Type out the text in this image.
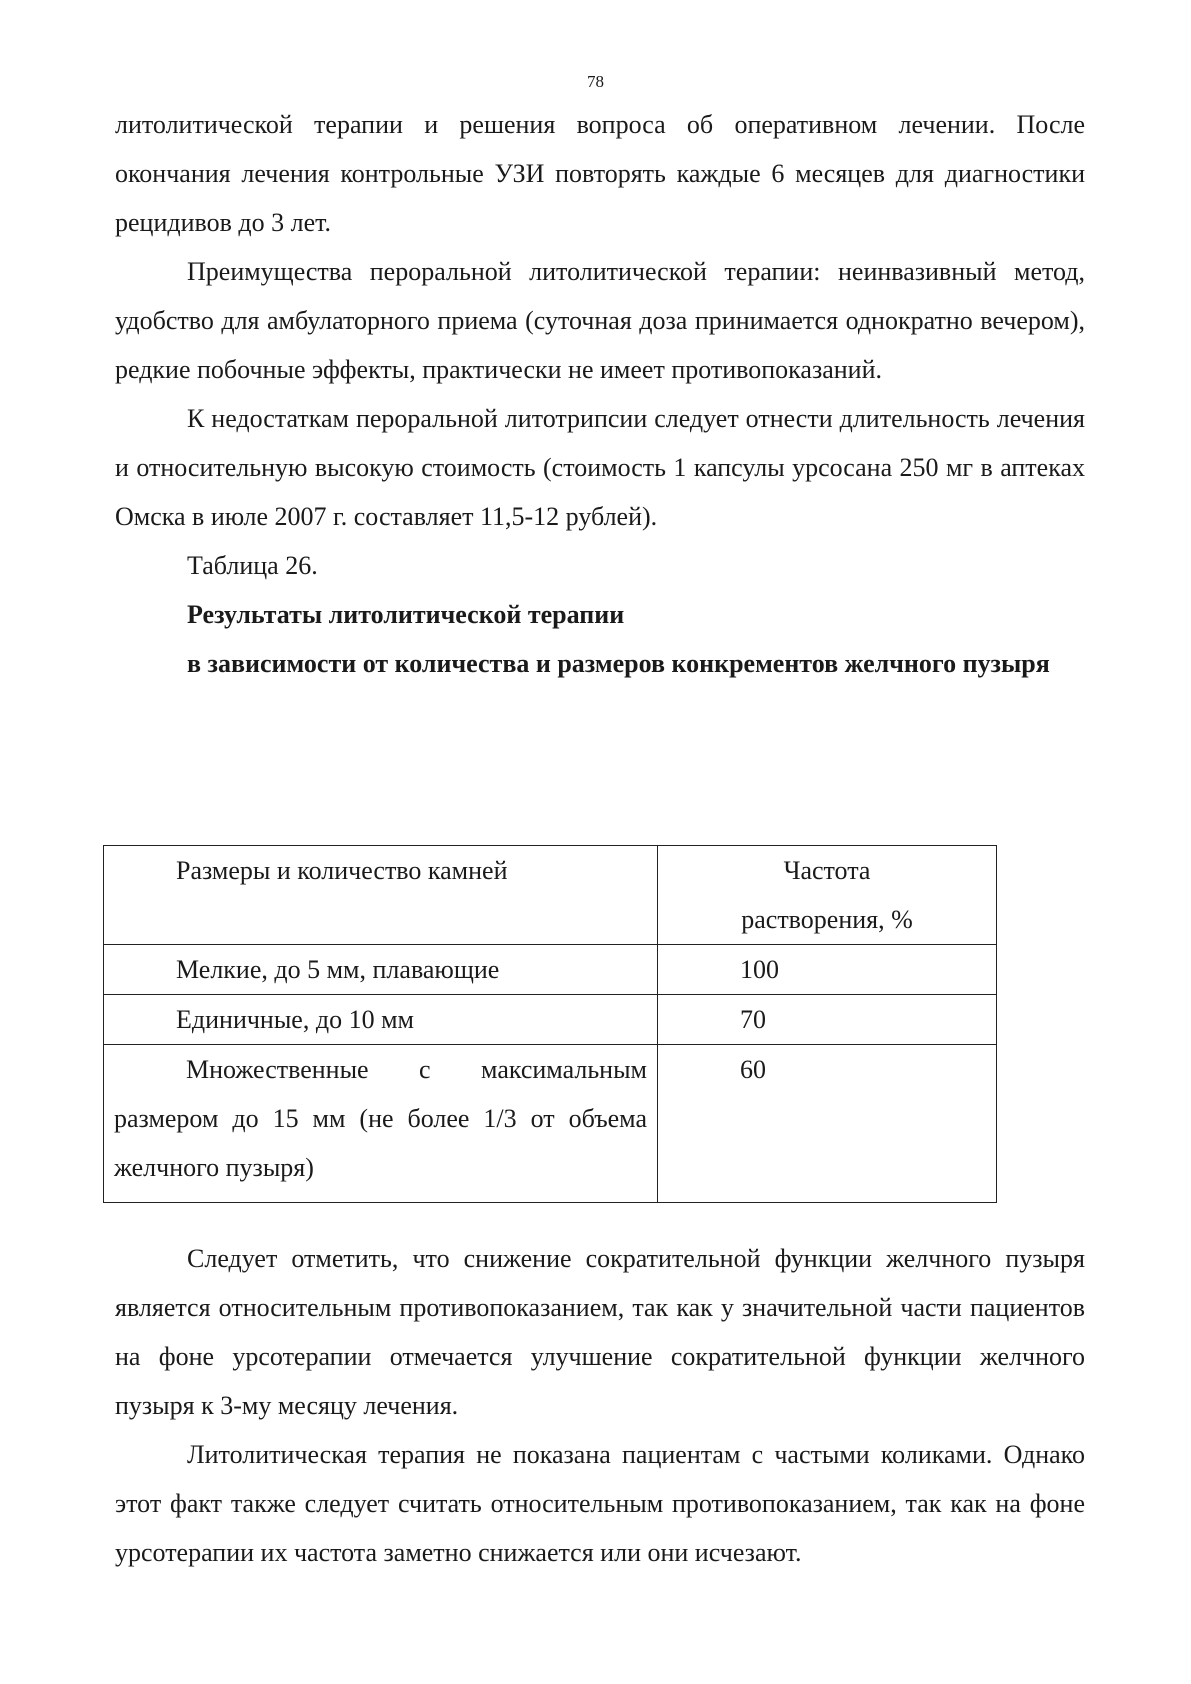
78

литолитической терапии и решения вопроса об оперативном лечении. После окончания лечения контрольные УЗИ повторять каждые 6 месяцев для диагностики рецидивов до 3 лет.

Преимущества пероральной литолитической терапии: неинвазивный метод, удобство для амбулаторного приема (суточная доза принимается однократно вечером), редкие побочные эффекты, практически не имеет противопоказаний.

К недостаткам пероральной литотрипсии следует отнести длительность лечения и относительную высокую стоимость (стоимость 1 капсулы урсосана 250 мг в аптеках Омска в июле 2007 г. составляет 11,5-12 рублей).

Таблица 26.

Результаты литолитической терапии

в зависимости от количества и размеров конкрементов желчного пузыря

Размеры и количество камней	Частота
растворения, %

Мелкие, до 5 мм, плавающие	100
Единичные, до 10 мм	70

Множественные с максимальным размером до 15 мм (не более 1/3 от объема желчного пузыря)	60

Следует отметить, что снижение сократительной функции желчного пузыря является относительным противопоказанием, так как у значительной части пациентов на фоне урсотерапии отмечается улучшение сократительной функции желчного пузыря к 3-му месяцу лечения.

Литолитическая терапия не показана пациентам с частыми коликами. Однако этот факт также следует считать относительным противопоказанием, так как на фоне урсотерапии их частота заметно снижается или они исчезают.
